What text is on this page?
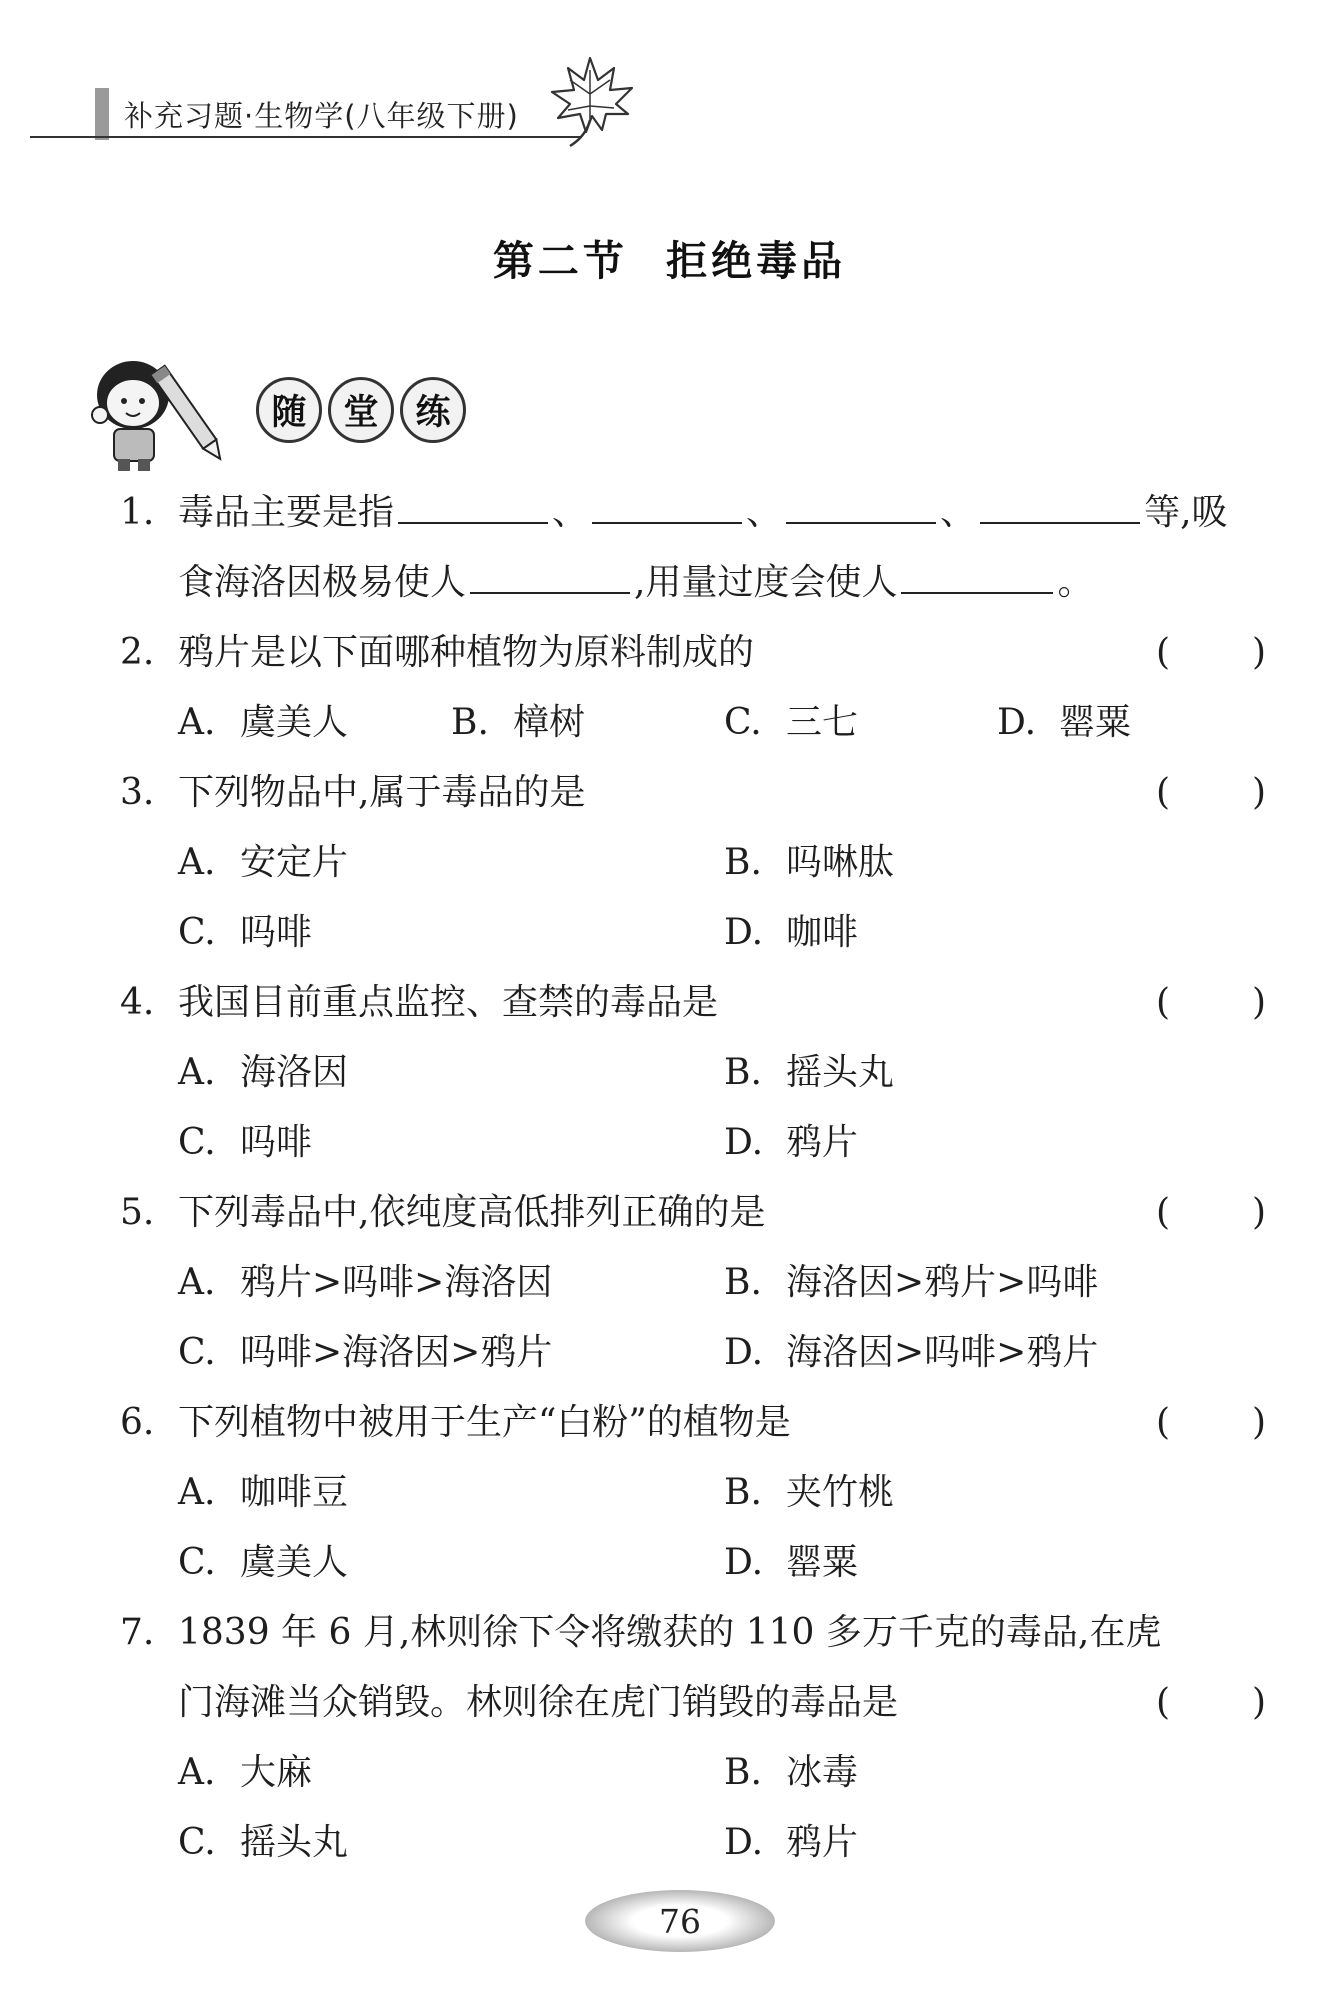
补充习题·生物学(八年级下册)
第二节 拒绝毒品
随	堂	练
1. 毒品主要是指	、	、	、	等,吸
食海洛因极易使人	,用量过度会使人	。
2. 鸦片是以下面哪种植物为原料制成的	( )
A. 虞美人	B. 樟树	C. 三七	D. 罂粟
3. 下列物品中,属于毒品的是	( )
A. 安定片	B. 吗啉肽
C. 吗啡	D. 咖啡
4. 我国目前重点监控、查禁的毒品是	( )
A. 海洛因	B. 摇头丸
C. 吗啡	D. 鸦片
5. 下列毒品中,依纯度高低排列正确的是	( )
A. 鸦片>吗啡>海洛因	B. 海洛因>鸦片>吗啡
C. 吗啡>海洛因>鸦片	D. 海洛因>吗啡>鸦片
6. 下列植物中被用于生产“白粉”的植物是	( )
A. 咖啡豆	B. 夹竹桃
C. 虞美人	D. 罂粟
7. 1839 年 6 月,林则徐下令将缴获的 110 多万千克的毒品,在虎
门海滩当众销毁。林则徐在虎门销毁的毒品是	( )
A. 大麻	B. 冰毒
C. 摇头丸	D. 鸦片
76
